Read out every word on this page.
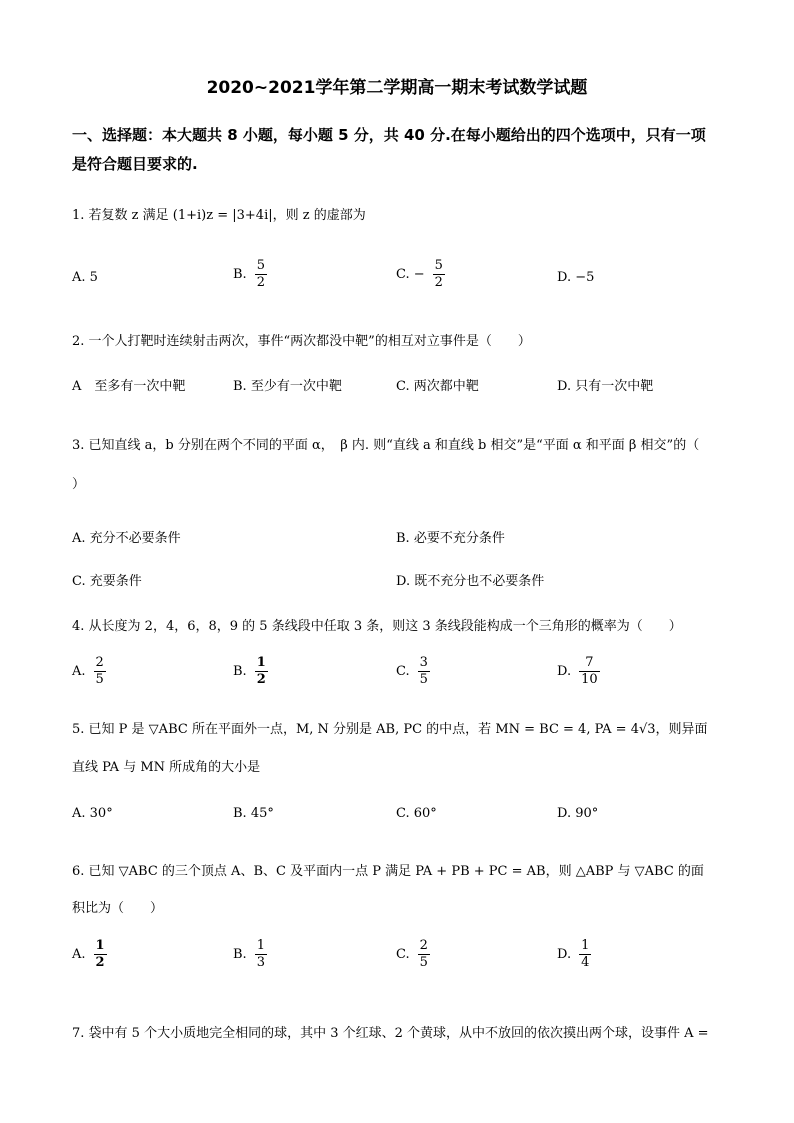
2020~2021学年第二学期高一期末考试数学试题
一、选择题：本大题共 8 小题，每小题 5 分，共 40 分.在每小题给出的四个选项中，只有一项
是符合题目要求的.
1. 若复数 z 满足 (1+i)z = |3+4i|，则 z 的虚部为
A. 5	B. $\frac{5}{2}$	C. − $\frac{5}{2}$	D. −5
2. 一个人打靶时连续射击两次，事件“两次都没中靶”的相互对立事件是（　　）
A　至多有一次中靶	B. 至少有一次中靶	C. 两次都中靶	D. 只有一次中靶
3. 已知直线 a，b 分别在两个不同的平面 α，　β 内. 则“直线 a 和直线 b 相交”是“平面 α 和平面 β 相交”的（
）
A. 充分不必要条件	B. 必要不充分条件
C. 充要条件	D. 既不充分也不必要条件
4. 从长度为 2，4，6，8，9 的 5 条线段中任取 3 条，则这 3 条线段能构成一个三角形的概率为（　　）
A. $\frac{2}{5}$	B. $\frac{1}{2}$	C. $\frac{3}{5}$	D. $\frac{7}{10}$
5. 已知 P 是 ▽ABC 所在平面外一点，M, N 分别是 AB, PC 的中点，若 MN = BC = 4, PA = 4√3，则异面
直线 PA 与 MN 所成角的大小是
A. 30°	B. 45°	C. 60°	D. 90°
6. 已知 ▽ABC 的三个顶点 A、B、C 及平面内一点 P 满足 PA + PB + PC = AB，则 △ABP 与 ▽ABC 的面
积比为（　　）
A. $\frac{1}{2}$	B. $\frac{1}{3}$	C. $\frac{2}{5}$	D. $\frac{1}{4}$
7. 袋中有 5 个大小质地完全相同的球，其中 3 个红球、2 个黄球，从中不放回的依次摸出两个球，设事件 A =
